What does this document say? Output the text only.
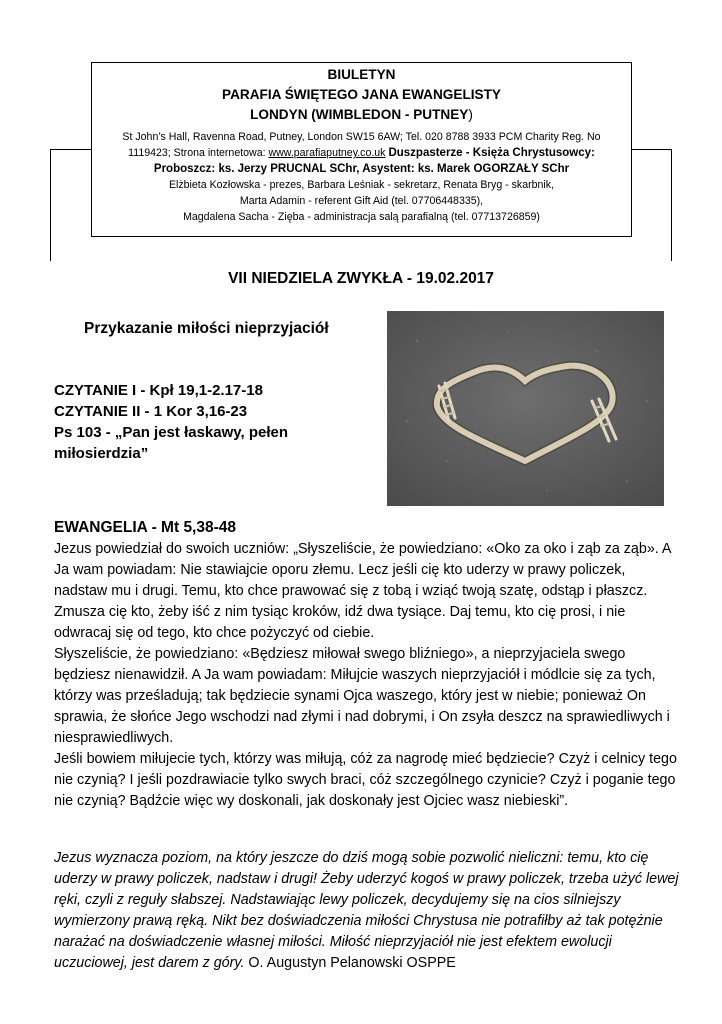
BIULETYN
PARAFIA ŚWIĘTEGO JANA EWANGELISTY
LONDYN (WIMBLEDON - PUTNEY)
St John’s Hall, Ravenna Road, Putney, London SW15 6AW; Tel. 020 8788 3933 PCM Charity Reg. No
1119423; Strona internetowa: www.parafiaputney.co.uk Duszpasterze - Księża Chrystusowcy:
Proboszcz: ks. Jerzy PRUCNAL SChr, Asystent: ks. Marek OGORZAŁY SChr
Elżbieta Kozłowska - prezes, Barbara Leśniak - sekretarz, Renata Bryg - skarbnik,
Marta Adamin - referent Gift Aid (tel. 07706448335),
Magdalena Sacha - Zięba - administracja salą parafialną (tel. 07713726859)
VII NIEDZIELA ZWYKŁA - 19.02.2017
Przykazanie miłości nieprzyjaciół
CZYTANIE I - Kpł 19,1-2.17-18
CZYTANIE II - 1 Kor 3,16-23
Ps 103 - „Pan jest łaskawy, pełen
miłosierdzia”
EWANGELIA - Mt 5,38-48

Jezus powiedział do swoich uczniów: „Słyszeliście, że powiedziano: «Oko za oko i ząb za ząb». A Ja wam powiadam: Nie stawiajcie oporu złemu. Lecz jeśli cię kto uderzy w prawy policzek, nadstaw mu i drugi. Temu, kto chce prawować się z tobą i wziąć twoją szatę, odstąp i płaszcz. Zmusza cię kto, żeby iść z nim tysiąc kroków, idź dwa tysiące. Daj temu, kto cię prosi, i nie odwracaj się od tego, kto chce pożyczyć od ciebie.

Słyszeliście, że powiedziano: «Będziesz miłował swego bliźniego», a nieprzyjaciela swego będziesz nienawidził. A Ja wam powiadam: Miłujcie waszych nieprzyjaciół i módlcie się za tych, którzy was prześladują; tak będziecie synami Ojca waszego, który jest w niebie; ponieważ On sprawia, że słońce Jego wschodzi nad złymi i nad dobrymi, i On zsyła deszcz na sprawiedliwych i niesprawiedliwych.

Jeśli bowiem miłujecie tych, którzy was miłują, cóż za nagrodę mieć będziecie? Czyż i celnicy tego nie czynią? I jeśli pozdrawiacie tylko swych braci, cóż szczególnego czynicie? Czyż i poganie tego nie czynią? Bądźcie więc wy doskonali, jak doskonały jest Ojciec wasz niebieski”.

Jezus wyznacza poziom, na który jeszcze do dziś mogą sobie pozwolić nieliczni: temu, kto cię uderzy w prawy policzek, nadstaw i drugi! Żeby uderzyć kogoś w prawy policzek, trzeba użyć lewej ręki, czyli z reguły słabszej. Nadstawiając lewy policzek, decydujemy się na cios silniejszy wymierzony prawą ręką. Nikt bez doświadczenia miłości Chrystusa nie potrafiłby aż tak potężnie narażać na doświadczenie własnej miłości. Miłość nieprzyjaciół nie jest efektem ewolucji uczuciowej, jest darem z góry. O. Augustyn Pelanowski OSPPE
